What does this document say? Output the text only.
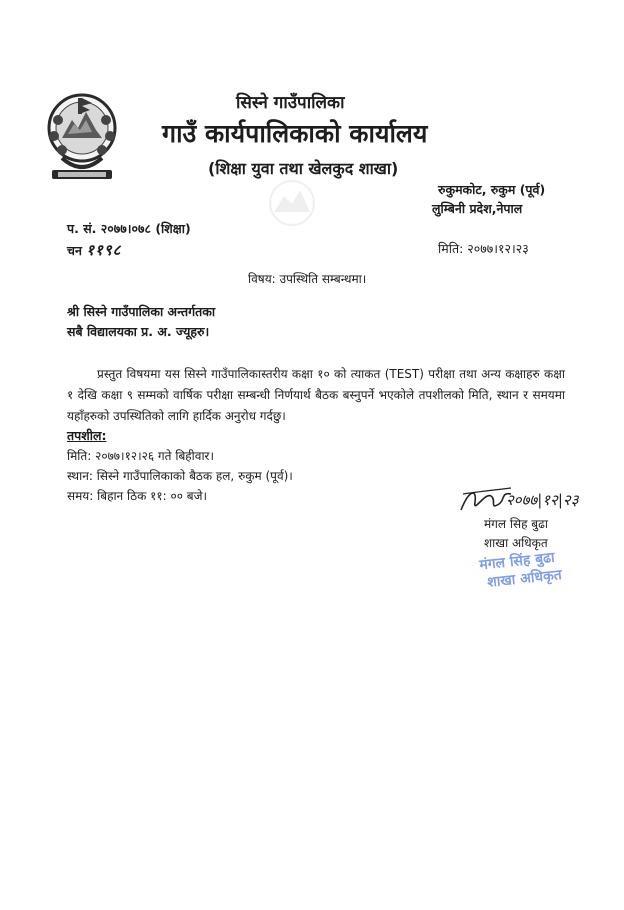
सिस्ने गाउँपालिका
गाउँ कार्यपालिकाको कार्यालय
(शिक्षा युवा तथा खेलकुद शाखा)
रुकुमकोट, रुकुम (पूर्व)
लुम्बिनी प्रदेश,नेपाल
प. सं. २०७७।०७८ (शिक्षा)
चन ११९८	मिति: २०७७।१२।२३
विषय: उपस्थिति सम्बन्धमा।
श्री सिस्ने गाउँपालिका अन्तर्गतका
सबै विद्यालयका प्र. अ. ज्यूहरु।
प्रस्तुत विषयमा यस सिस्ने गाउँपालिकास्तरीय कक्षा १० को त्याकत (TEST) परीक्षा तथा अन्य कक्षाहरु कक्षा १ देखि कक्षा ९ सम्मको वार्षिक परीक्षा सम्बन्धी निर्णयार्थ बैठक बस्नुपर्ने भएकोले तपशीलको मिति, स्थान र समयमा यहाँहरुको उपस्थितिको लागि हार्दिक अनुरोध गर्दछु।
तपशील:
मिति: २०७७।१२।२६ गते बिहीवार।
स्थान: सिस्ने गाउँपालिकाको बैठक हल, रुकुम (पूर्व)।
समय: बिहान ठिक ११: ०० बजे।	२०७७|१२|२३
मंगल सिह बुढा
शाखा अधिकृत
मंगल सिंह बुढा
शाखा अधिकृत
